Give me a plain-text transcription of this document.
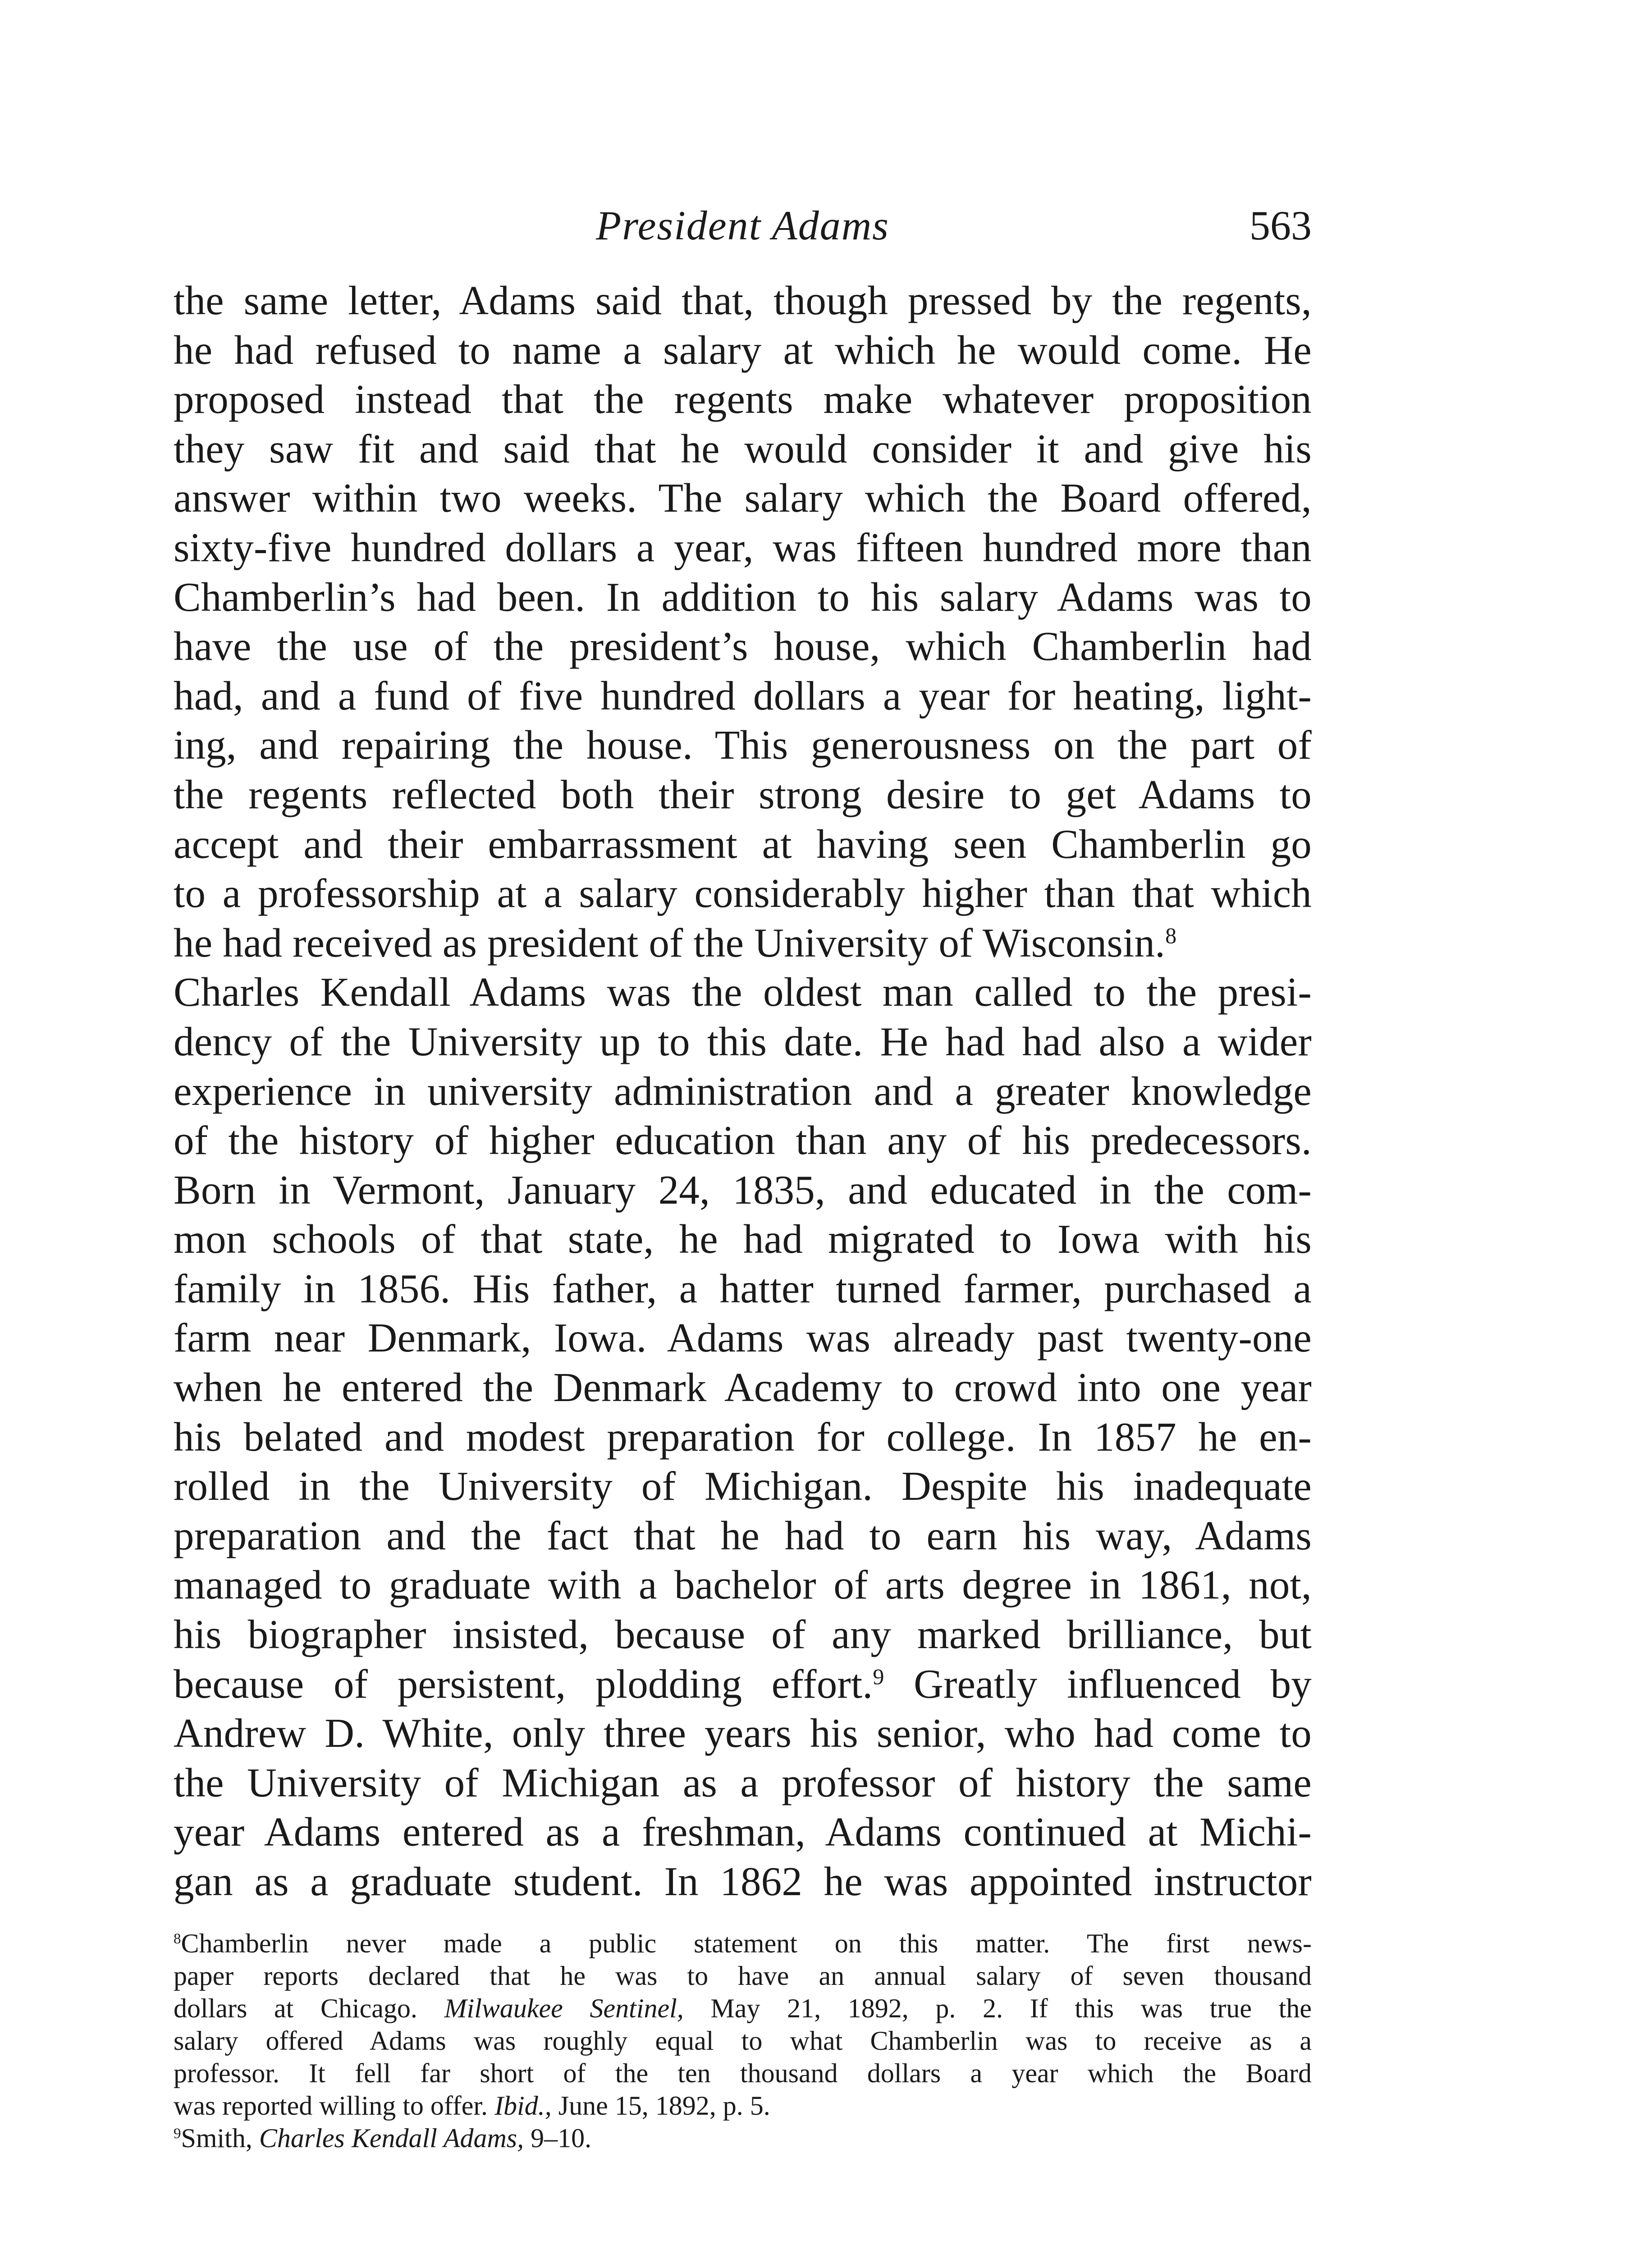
President Adams	563
the same letter, Adams said that, though pressed by the regents,
he had refused to name a salary at which he would come. He
proposed instead that the regents make whatever proposition
they saw fit and said that he would consider it and give his
answer within two weeks. The salary which the Board offered,
sixty-five hundred dollars a year, was fifteen hundred more than
Chamberlin’s had been. In addition to his salary Adams was to
have the use of the president’s house, which Chamberlin had
had, and a fund of five hundred dollars a year for heating, light-
ing, and repairing the house. This generousness on the part of
the regents reflected both their strong desire to get Adams to
accept and their embarrassment at having seen Chamberlin go
to a professorship at a salary considerably higher than that which
he had received as president of the University of Wisconsin.$^8$
Charles Kendall Adams was the oldest man called to the presi-
dency of the University up to this date. He had had also a wider
experience in university administration and a greater knowledge
of the history of higher education than any of his predecessors.
Born in Vermont, January 24, 1835, and educated in the com-
mon schools of that state, he had migrated to Iowa with his
family in 1856. His father, a hatter turned farmer, purchased a
farm near Denmark, Iowa. Adams was already past twenty-one
when he entered the Denmark Academy to crowd into one year
his belated and modest preparation for college. In 1857 he en-
rolled in the University of Michigan. Despite his inadequate
preparation and the fact that he had to earn his way, Adams
managed to graduate with a bachelor of arts degree in 1861, not,
his biographer insisted, because of any marked brilliance, but
because of persistent, plodding effort.$^9$ Greatly influenced by
Andrew D. White, only three years his senior, who had come to
the University of Michigan as a professor of history the same
year Adams entered as a freshman, Adams continued at Michi-
gan as a graduate student. In 1862 he was appointed instructor
$^8$Chamberlin never made a public statement on this matter. The first news-
paper reports declared that he was to have an annual salary of seven thousand
dollars at Chicago. Milwaukee Sentinel, May 21, 1892, p. 2. If this was true the
salary offered Adams was roughly equal to what Chamberlin was to receive as a
professor. It fell far short of the ten thousand dollars a year which the Board
was reported willing to offer. Ibid., June 15, 1892, p. 5.
$^9$Smith, Charles Kendall Adams, 9–10.
